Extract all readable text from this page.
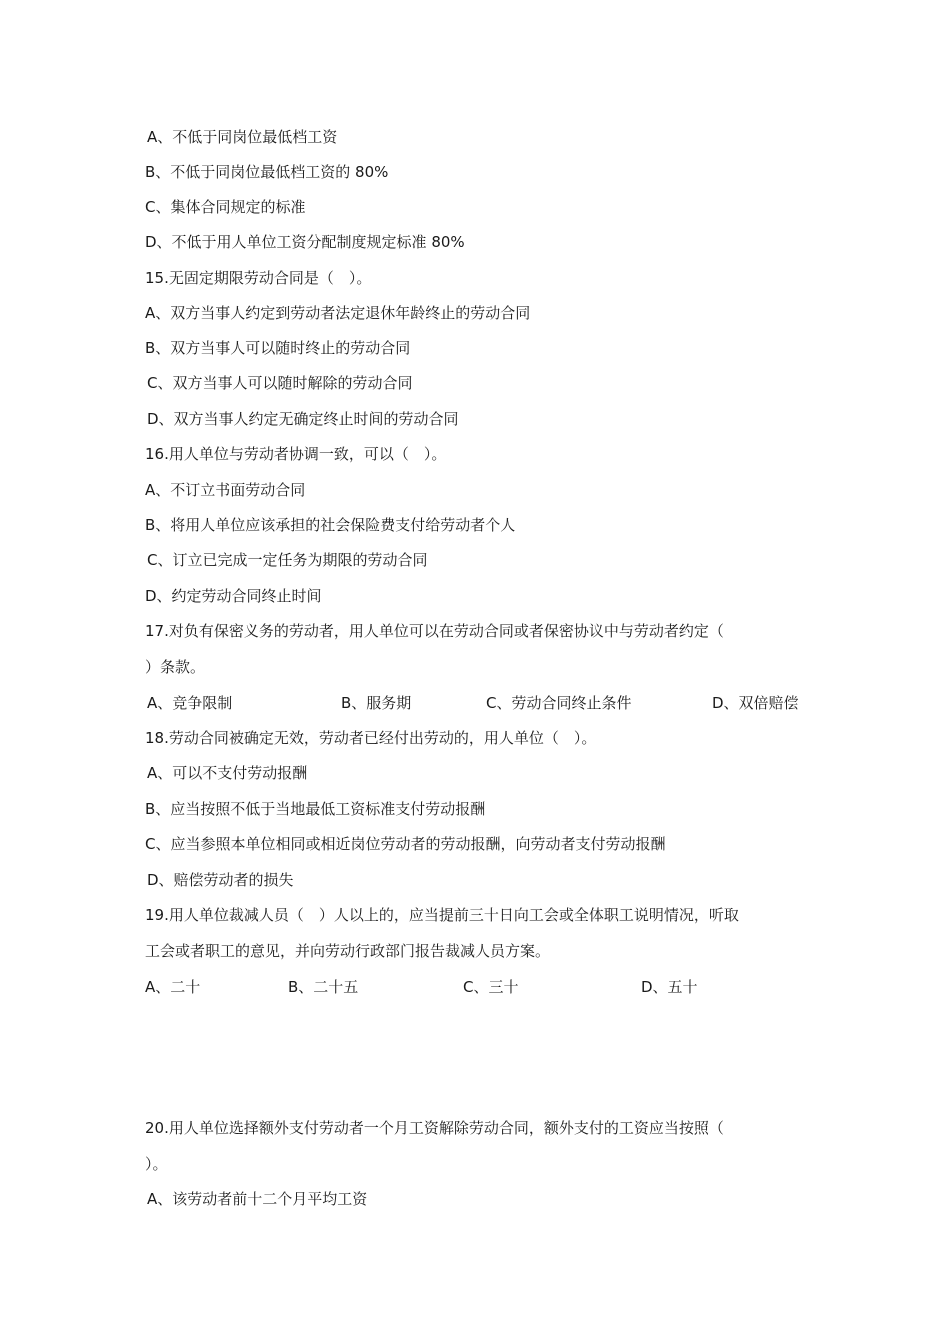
A、不低于同岗位最低档工资
B、不低于同岗位最低档工资的 80%
C、集体合同规定的标准
D、不低于用人单位工资分配制度规定标准 80%
15.无固定期限劳动合同是（　）。
A、双方当事人约定到劳动者法定退休年龄终止的劳动合同
B、双方当事人可以随时终止的劳动合同
C、双方当事人可以随时解除的劳动合同
D、双方当事人约定无确定终止时间的劳动合同
16.用人单位与劳动者协调一致，可以（　）。
A、不订立书面劳动合同
B、将用人单位应该承担的社会保险费支付给劳动者个人
C、订立已完成一定任务为期限的劳动合同
D、约定劳动合同终止时间
17.对负有保密义务的劳动者，用人单位可以在劳动合同或者保密协议中与劳动者约定（
）条款。
A、竞争限制	B、服务期	C、劳动合同终止条件	D、双倍赔偿
18.劳动合同被确定无效，劳动者已经付出劳动的，用人单位（　）。
A、可以不支付劳动报酬
B、应当按照不低于当地最低工资标准支付劳动报酬
C、应当参照本单位相同或相近岗位劳动者的劳动报酬，向劳动者支付劳动报酬
D、赔偿劳动者的损失
19.用人单位裁减人员（　）人以上的，应当提前三十日向工会或全体职工说明情况，听取
工会或者职工的意见，并向劳动行政部门报告裁减人员方案。
A、二十	B、二十五	C、三十	D、五十
20.用人单位选择额外支付劳动者一个月工资解除劳动合同，额外支付的工资应当按照（
）。
A、该劳动者前十二个月平均工资
